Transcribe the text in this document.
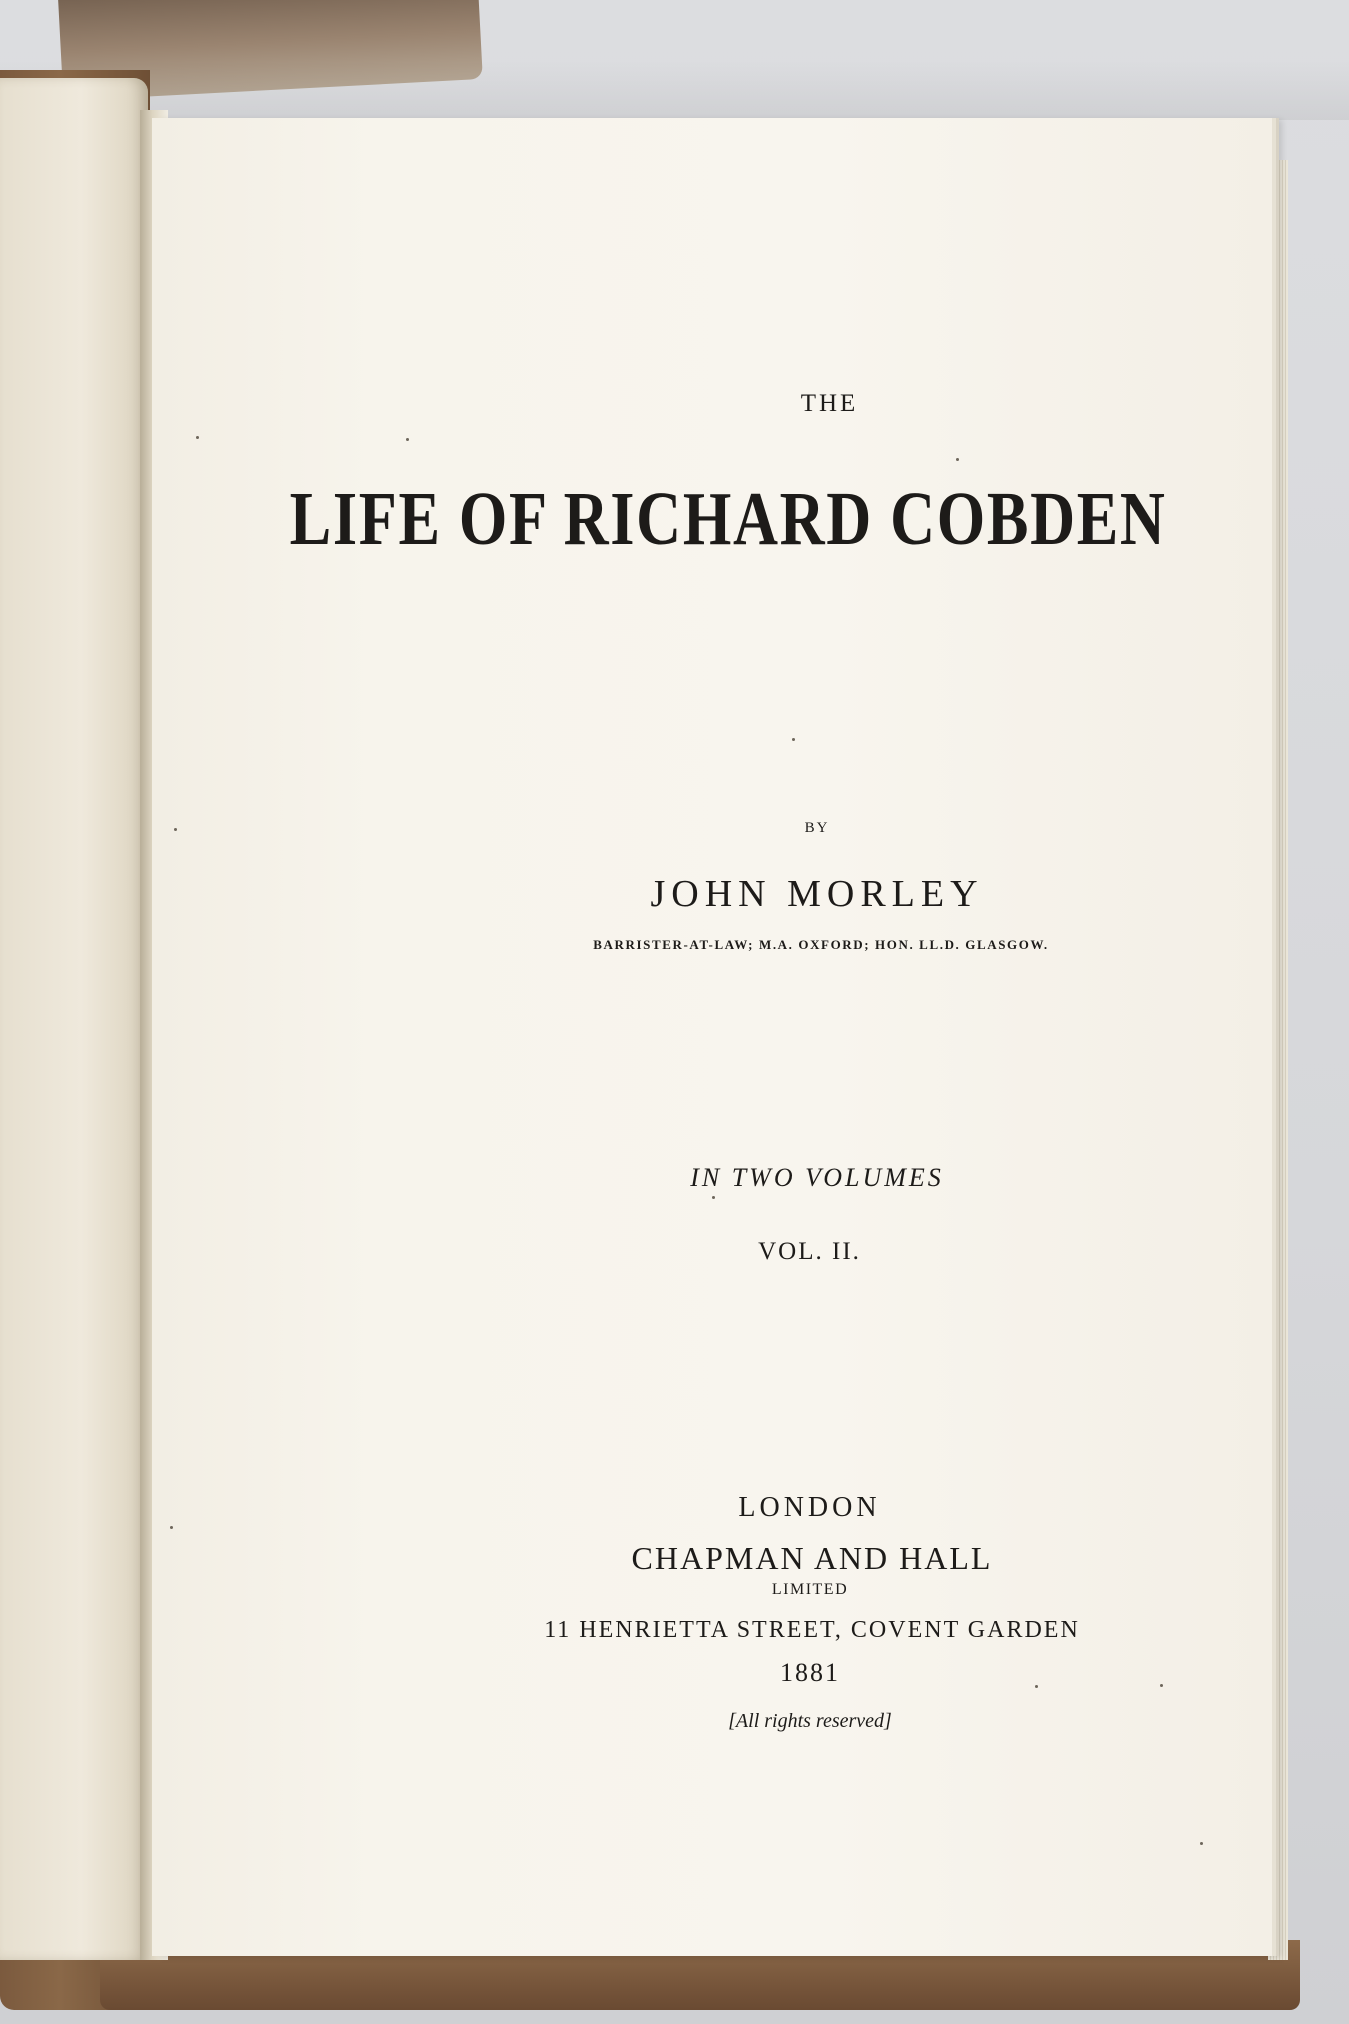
THE
LIFE OF RICHARD COBDEN
BY
JOHN MORLEY
BARRISTER-AT-LAW; M.A. OXFORD; HON. LL.D. GLASGOW.
IN TWO VOLUMES
VOL. II.
LONDON
CHAPMAN AND HALL
LIMITED
11 HENRIETTA STREET, COVENT GARDEN
1881
[All rights reserved]
